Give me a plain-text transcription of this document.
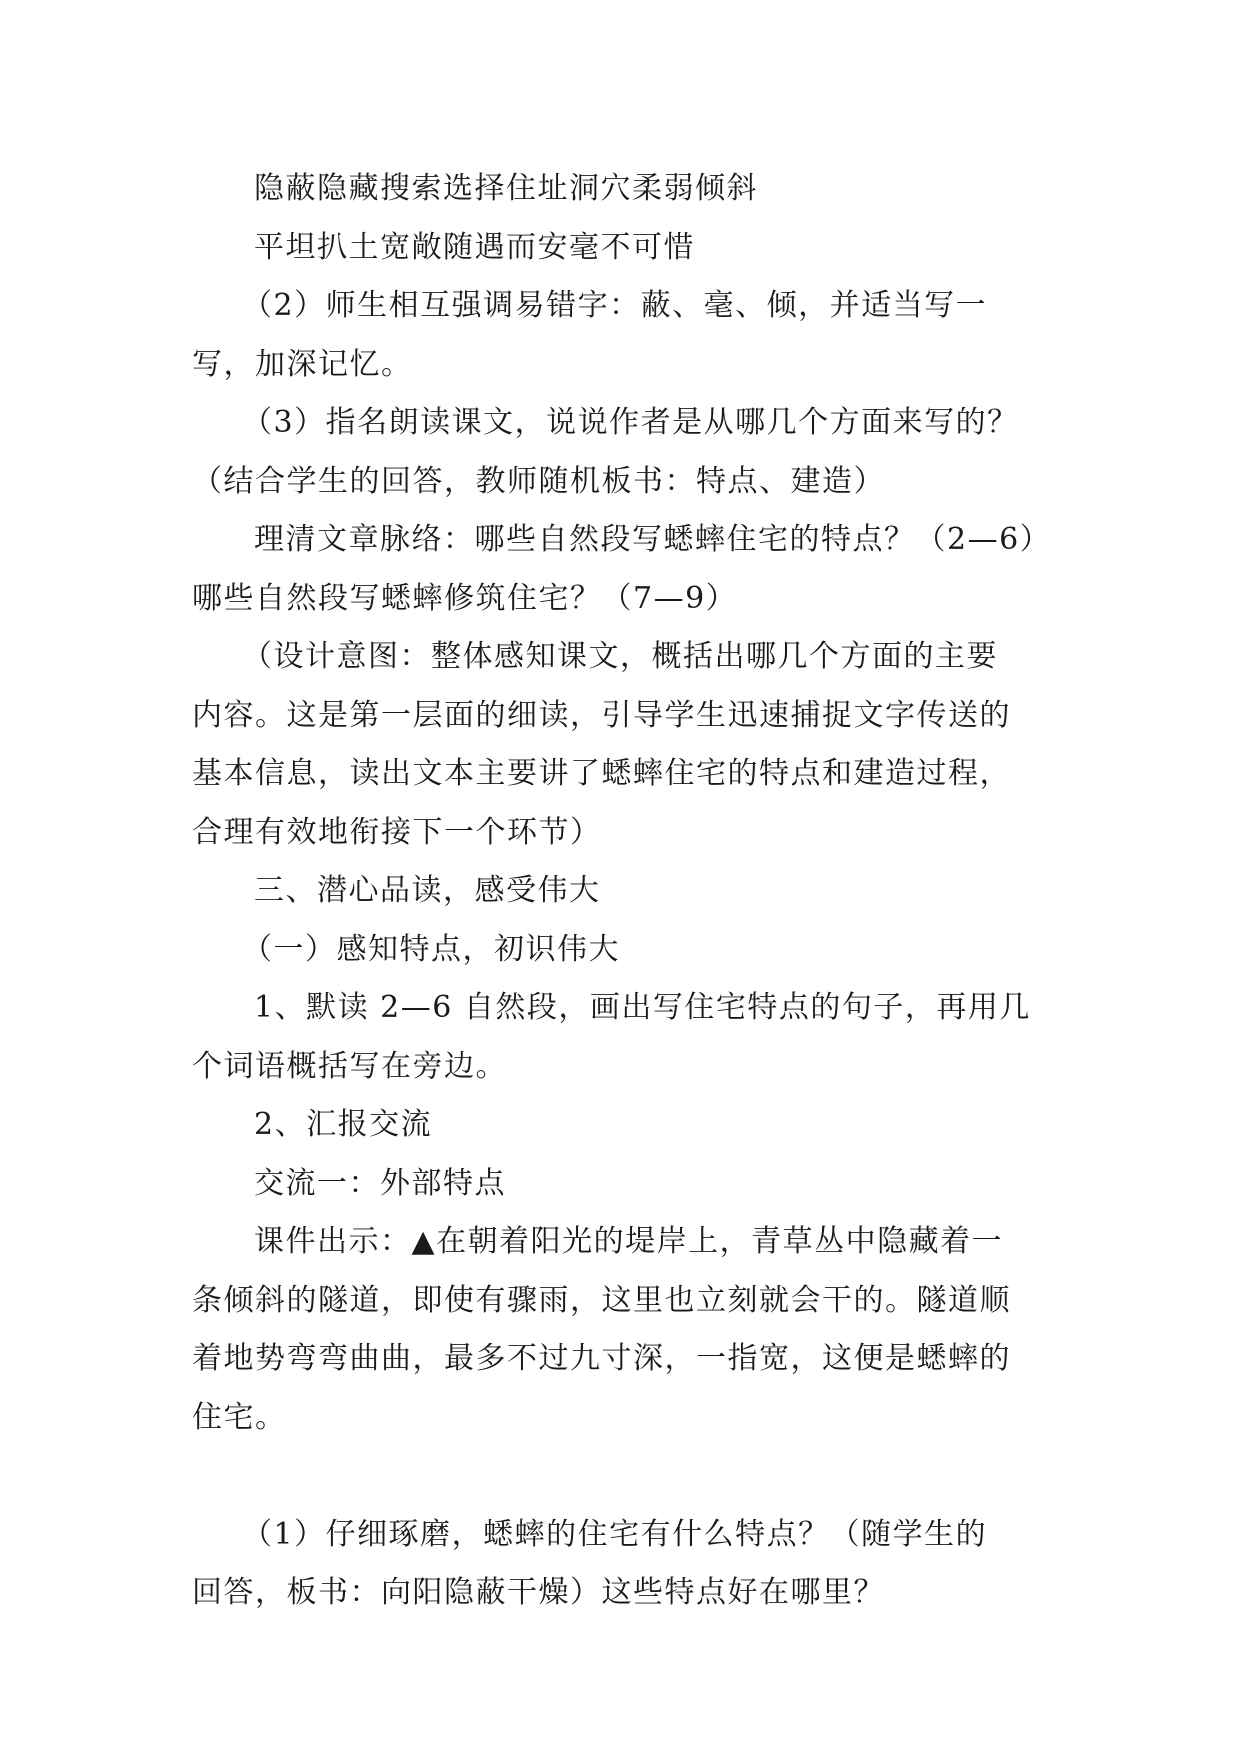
隐蔽隐藏搜索选择住址洞穴柔弱倾斜
平坦扒土宽敞随遇而安毫不可惜
（2）师生相互强调易错字：蔽、毫、倾，并适当写一
写，加深记忆。
（3）指名朗读课文，说说作者是从哪几个方面来写的？
（结合学生的回答，教师随机板书：特点、建造）
理清文章脉络：哪些自然段写蟋蟀住宅的特点？（2—6）
哪些自然段写蟋蟀修筑住宅？（7—9）
（设计意图：整体感知课文，概括出哪几个方面的主要
内容。这是第一层面的细读，引导学生迅速捕捉文字传送的
基本信息，读出文本主要讲了蟋蟀住宅的特点和建造过程，
合理有效地衔接下一个环节）
三、潜心品读，感受伟大
（一）感知特点，初识伟大
1、默读 2—6 自然段，画出写住宅特点的句子，再用几
个词语概括写在旁边。
2、汇报交流
交流一：外部特点
课件出示：▲在朝着阳光的堤岸上，青草丛中隐藏着一
条倾斜的隧道，即使有骤雨，这里也立刻就会干的。隧道顺
着地势弯弯曲曲，最多不过九寸深，一指宽，这便是蟋蟀的
住宅。
（1）仔细琢磨，蟋蟀的住宅有什么特点？（随学生的
回答，板书：向阳隐蔽干燥）这些特点好在哪里？
